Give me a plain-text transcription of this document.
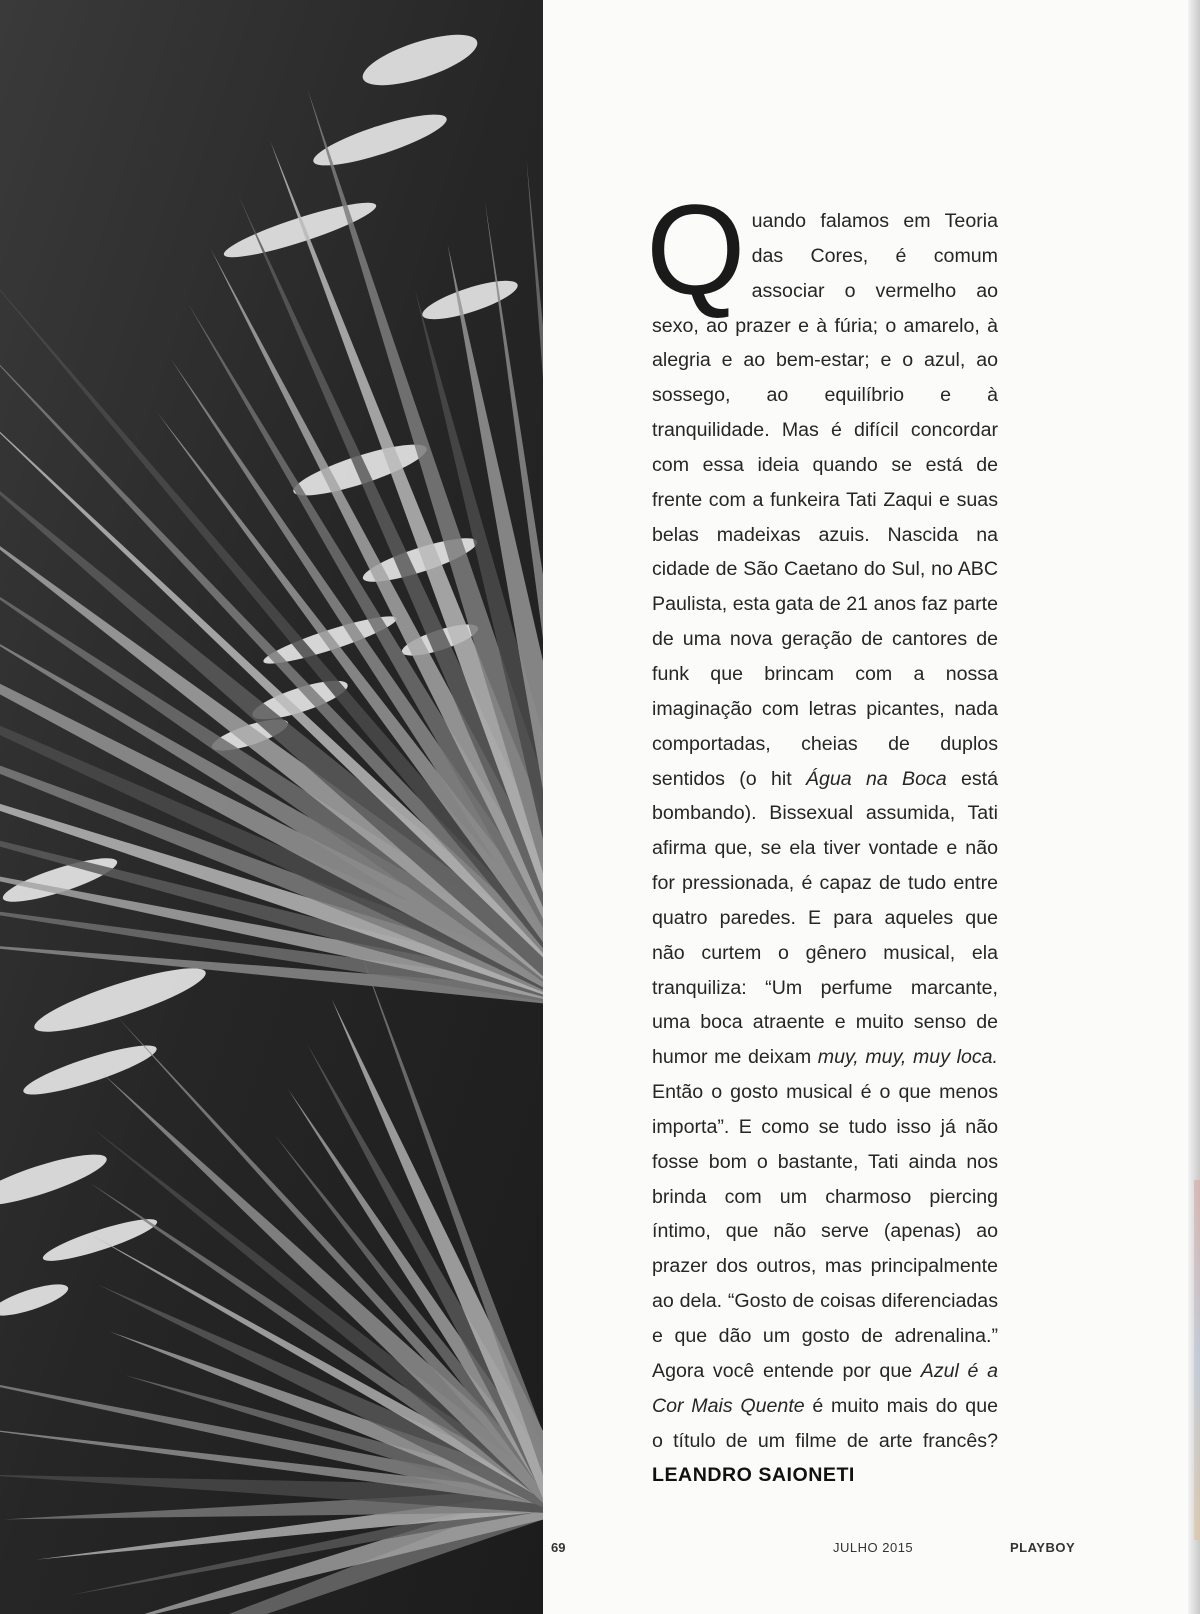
Quando falamos em Teoria das Cores, é comum associar o vermelho ao sexo, ao prazer e à fúria; o amarelo, à alegria e ao bem-estar; e o azul, ao sossego, ao equilíbrio e à tranquilidade. Mas é difícil concordar com essa ideia quando se está de frente com a funkeira Tati Zaqui e suas belas madeixas azuis. Nascida na cidade de São Caetano do Sul, no ABC Paulista, esta gata de 21 anos faz parte de uma nova geração de cantores de funk que brincam com a nossa imaginação com letras picantes, nada comportadas, cheias de duplos sentidos (o hit Água na Boca está bombando). Bissexual assumida, Tati afirma que, se ela tiver vontade e não for pressionada, é capaz de tudo entre quatro paredes. E para aqueles que não curtem o gênero musical, ela tranquiliza: “Um perfume marcante, uma boca atraente e muito senso de humor me deixam muy, muy, muy loca. Então o gosto musical é o que menos importa”. E como se tudo isso já não fosse bom o bastante, Tati ainda nos brinda com um charmoso piercing íntimo, que não serve (apenas) ao prazer dos outros, mas principalmente ao dela. “Gosto de coisas diferenciadas e que dão um gosto de adrenalina.” Agora você entende por que Azul é a Cor Mais Quente é muito mais do que o título de um filme de arte francês? LEANDRO SAIONETI

69	JULHO 2015	PLAYBOY
